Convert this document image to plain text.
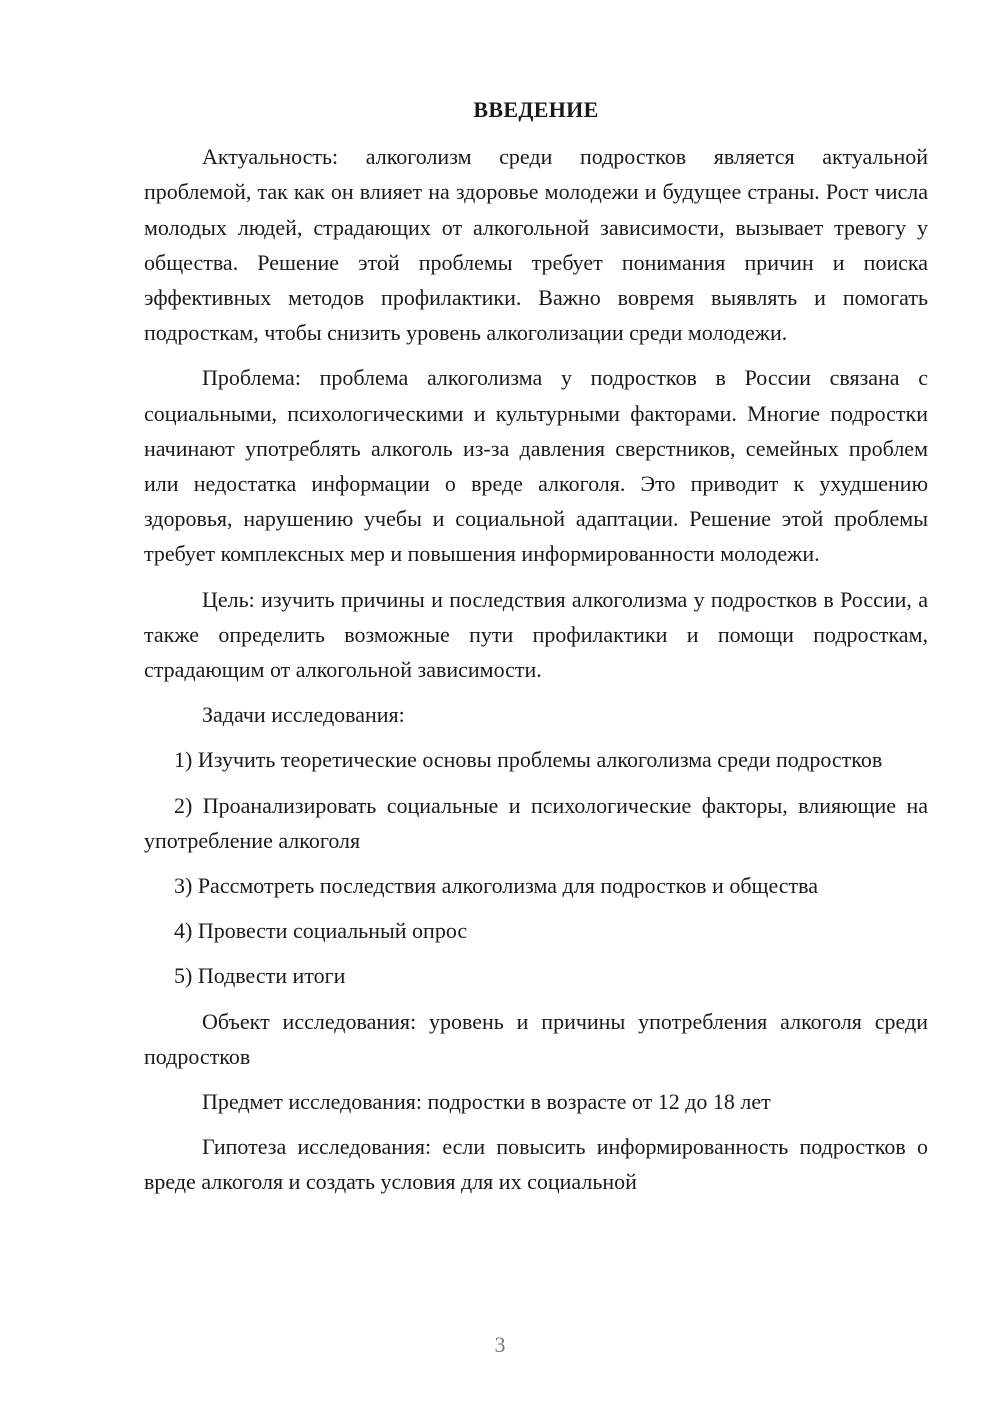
ВВЕДЕНИЕ

Актуальность: алкоголизм среди подростков является актуальной проблемой, так как он влияет на здоровье молодежи и будущее страны. Рост числа молодых людей, страдающих от алкогольной зависимости, вызывает тревогу у общества. Решение этой проблемы требует понимания причин и поиска эффективных методов профилактики. Важно вовремя выявлять и помогать подросткам, чтобы снизить уровень алкоголизации среди молодежи.

Проблема: проблема алкоголизма у подростков в России связана с социальными, психологическими и культурными факторами. Многие подростки начинают употреблять алкоголь из-за давления сверстников, семейных проблем или недостатка информации о вреде алкоголя. Это приводит к ухудшению здоровья, нарушению учебы и социальной адаптации. Решение этой проблемы требует комплексных мер и повышения информированности молодежи.

Цель: изучить причины и последствия алкоголизма у подростков в России, а также определить возможные пути профилактики и помощи подросткам, страдающим от алкогольной зависимости.

Задачи исследования:

1) Изучить теоретические основы проблемы алкоголизма среди подростков

2) Проанализировать социальные и психологические факторы, влияющие на употребление алкоголя

3) Рассмотреть последствия алкоголизма для подростков и общества

4) Провести социальный опрос

5) Подвести итоги

Объект исследования: уровень и причины употребления алкоголя среди подростков

Предмет исследования: подростки в возрасте от 12 до 18 лет

Гипотеза исследования: если повысить информированность подростков о вреде алкоголя и создать условия для их социальной

3
